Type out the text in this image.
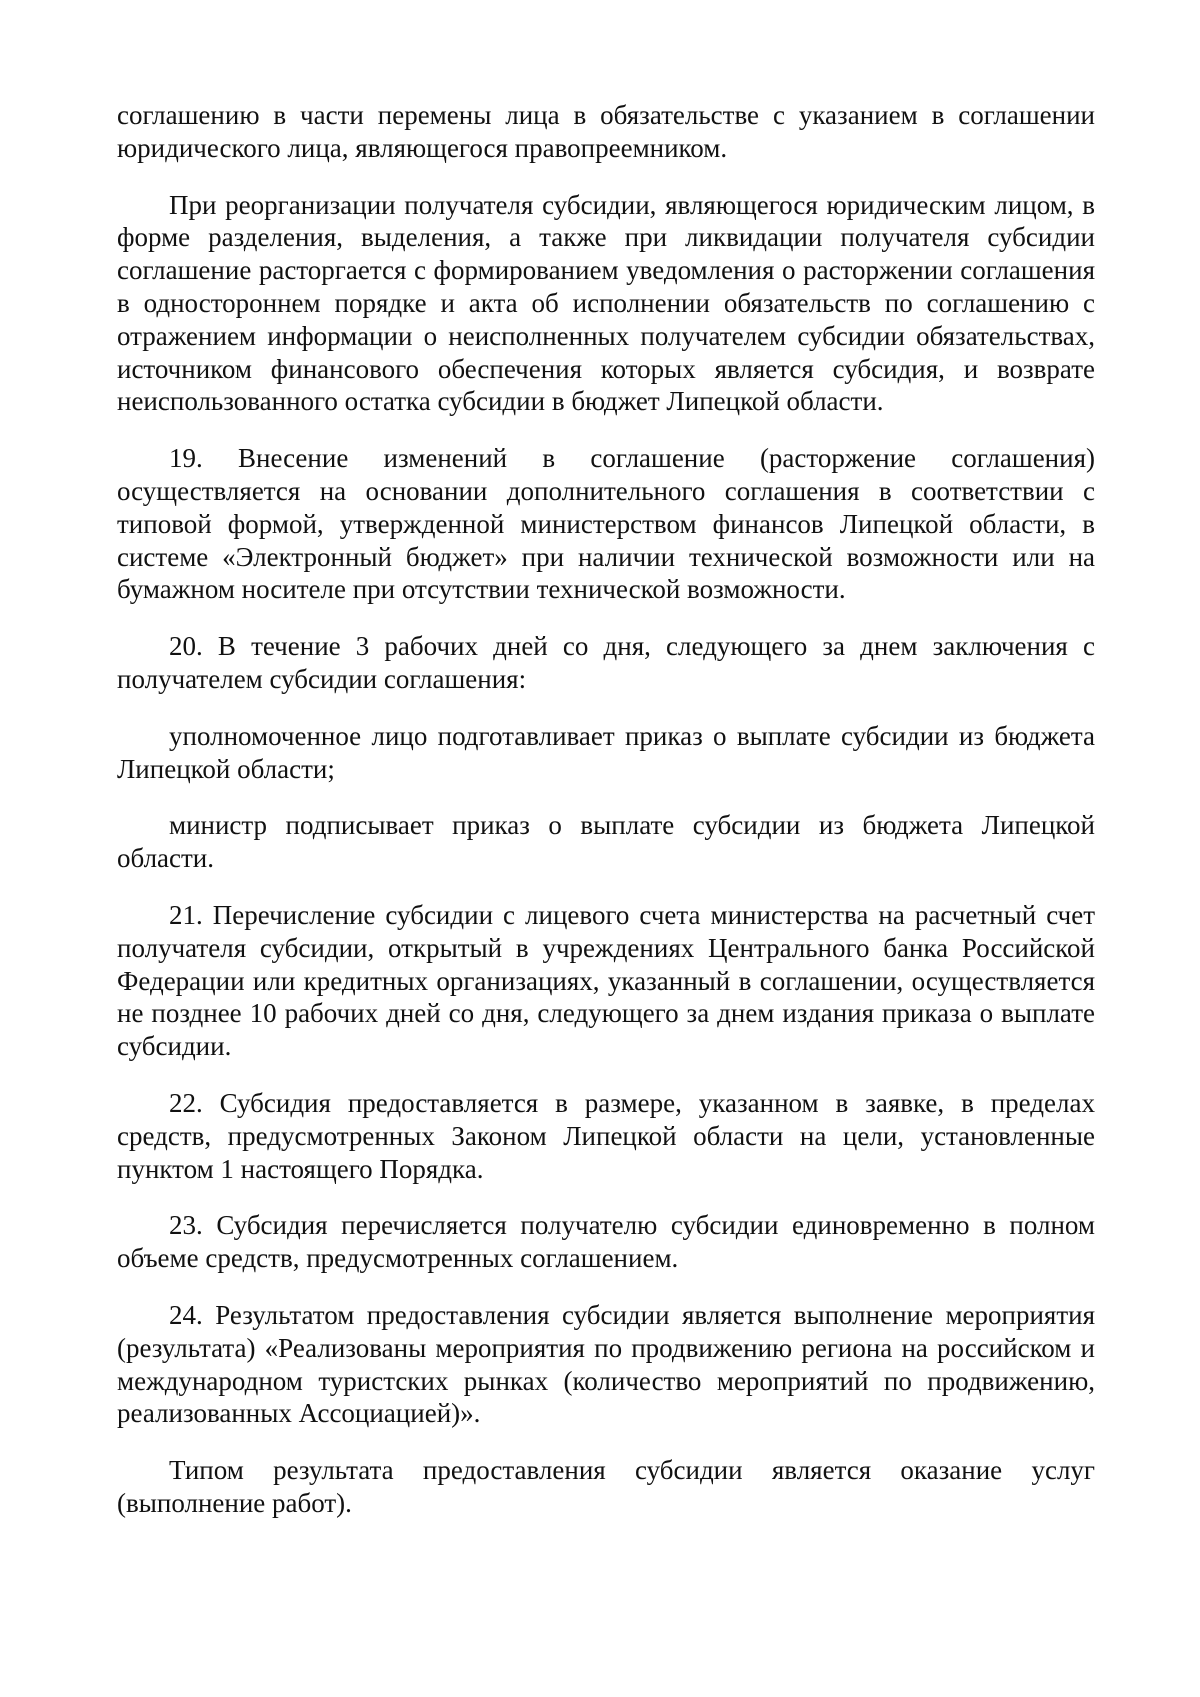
соглашению в части перемены лица в обязательстве с указанием в соглашении юридического лица, являющегося правопреемником.

При реорганизации получателя субсидии, являющегося юридическим лицом, в форме разделения, выделения, а также при ликвидации получателя субсидии соглашение расторгается с формированием уведомления о расторжении соглашения в одностороннем порядке и акта об исполнении обязательств по соглашению с отражением информации о неисполненных получателем субсидии обязательствах, источником финансового обеспечения которых является субсидия, и возврате неиспользованного остатка субсидии в бюджет Липецкой области.

19. Внесение изменений в соглашение (расторжение соглашения) осуществляется на основании дополнительного соглашения в соответствии с типовой формой, утвержденной министерством финансов Липецкой области, в системе «Электронный бюджет» при наличии технической возможности или на бумажном носителе при отсутствии технической возможности.

20. В течение 3 рабочих дней со дня, следующего за днем заключения с получателем субсидии соглашения:

уполномоченное лицо подготавливает приказ о выплате субсидии из бюджета Липецкой области;

министр подписывает приказ о выплате субсидии из бюджета Липецкой области.

21. Перечисление субсидии с лицевого счета министерства на расчетный счет получателя субсидии, открытый в учреждениях Центрального банка Российской Федерации или кредитных организациях, указанный в соглашении, осуществляется не позднее 10 рабочих дней со дня, следующего за днем издания приказа о выплате субсидии.

22. Субсидия предоставляется в размере, указанном в заявке, в пределах средств, предусмотренных Законом Липецкой области на цели, установленные пунктом 1 настоящего Порядка.

23. Субсидия перечисляется получателю субсидии единовременно в полном объеме средств, предусмотренных соглашением.

24. Результатом предоставления субсидии является выполнение мероприятия (результата) «Реализованы мероприятия по продвижению региона на российском и международном туристских рынках (количество мероприятий по продвижению, реализованных Ассоциацией)».

Типом результата предоставления субсидии является оказание услуг (выполнение работ).
